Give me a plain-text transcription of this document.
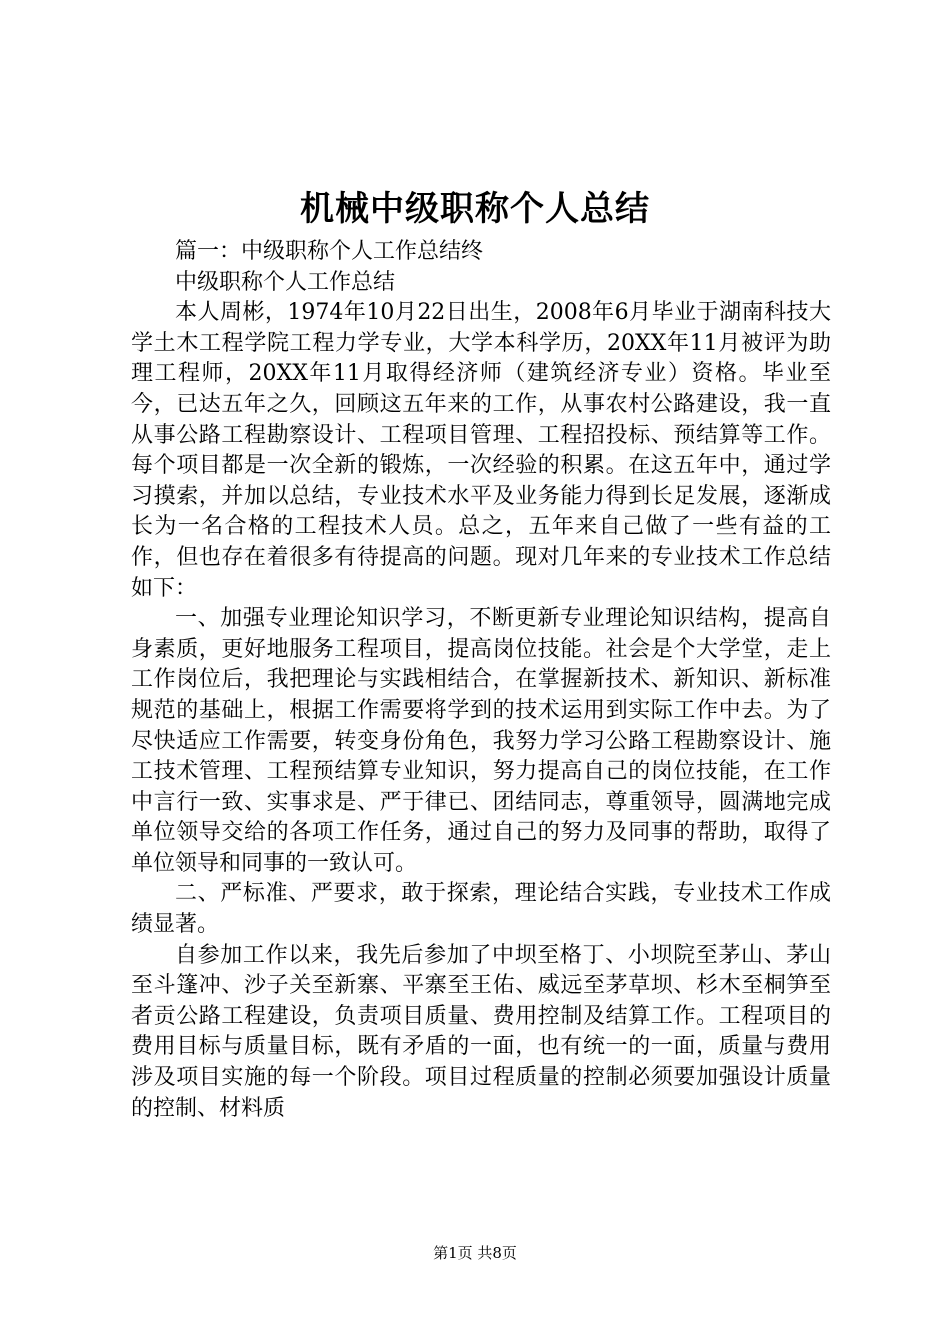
机械中级职称个人总结

篇一：中级职称个人工作总结终

中级职称个人工作总结

本人周彬，1974年10月22日出生，2008年6月毕业于湖南科技大学土木工程学院工程力学专业，大学本科学历，20XX年11月被评为助理工程师，20XX年11月取得经济师（建筑经济专业）资格。毕业至今，已达五年之久，回顾这五年来的工作，从事农村公路建设，我一直从事公路工程勘察设计、工程项目管理、工程招投标、预结算等工作。每个项目都是一次全新的锻炼，一次经验的积累。在这五年中，通过学习摸索，并加以总结，专业技术水平及业务能力得到长足发展，逐渐成长为一名合格的工程技术人员。总之，五年来自己做了一些有益的工作，但也存在着很多有待提高的问题。现对几年来的专业技术工作总结如下：

一、加强专业理论知识学习，不断更新专业理论知识结构，提高自身素质，更好地服务工程项目，提高岗位技能。社会是个大学堂，走上工作岗位后，我把理论与实践相结合，在掌握新技术、新知识、新标准规范的基础上，根据工作需要将学到的技术运用到实际工作中去。为了尽快适应工作需要，转变身份角色，我努力学习公路工程勘察设计、施工技术管理、工程预结算专业知识，努力提高自己的岗位技能，在工作中言行一致、实事求是、严于律已、团结同志，尊重领导，圆满地完成单位领导交给的各项工作任务，通过自己的努力及同事的帮助，取得了单位领导和同事的一致认可。

二、严标准、严要求，敢于探索，理论结合实践，专业技术工作成绩显著。

自参加工作以来，我先后参加了中坝至格丁、小坝院至茅山、茅山至斗篷冲、沙子关至新寨、平寨至王佑、威远至茅草坝、杉木至桐笋至者贡公路工程建设，负责项目质量、费用控制及结算工作。工程项目的费用目标与质量目标，既有矛盾的一面，也有统一的一面，质量与费用涉及项目实施的每一个阶段。项目过程质量的控制必须要加强设计质量的控制、材料质

第1页 共8页
